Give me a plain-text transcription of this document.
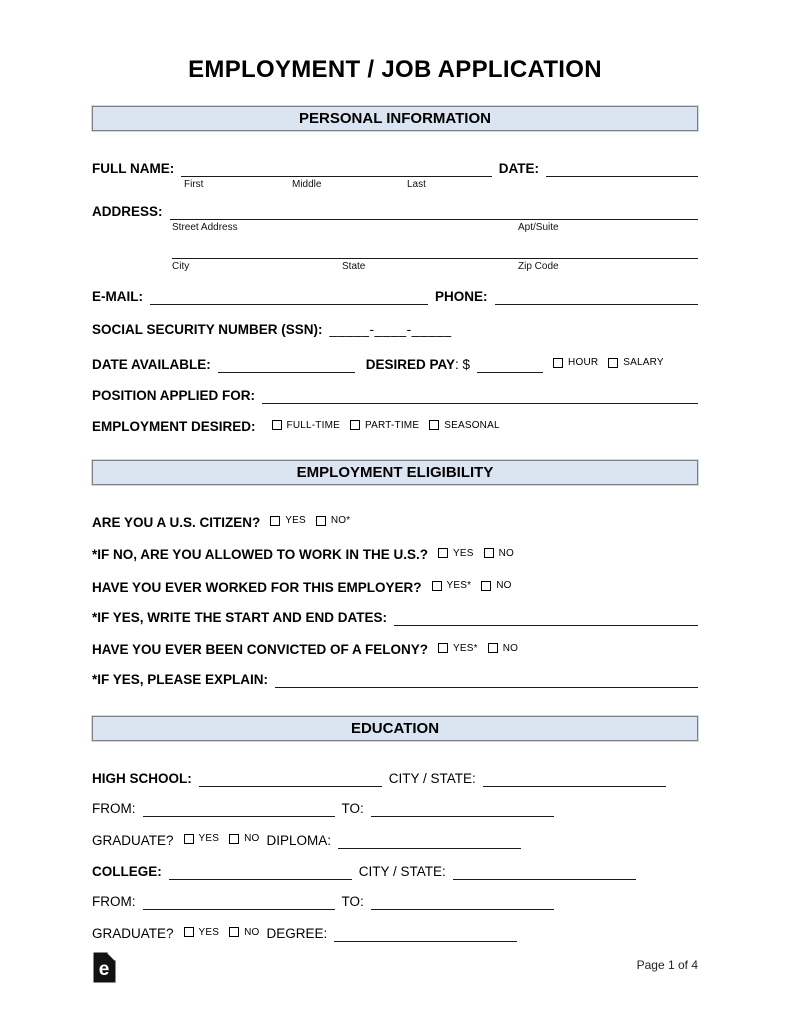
EMPLOYMENT / JOB APPLICATION
PERSONAL INFORMATION
FULL NAME:	DATE:
First	Middle	Last
ADDRESS:
Street Address	Apt/Suite
City	State	Zip Code
E-MAIL:	PHONE:
SOCIAL SECURITY NUMBER (SSN): _____-____-_____
DATE AVAILABLE:	DESIRED PAY : $	HOUR	SALARY
POSITION APPLIED FOR:
EMPLOYMENT DESIRED:	FULL-TIME	PART-TIME	SEASONAL
EMPLOYMENT ELIGIBILITY
ARE YOU A U.S. CITIZEN?	YES	NO*
*IF NO, ARE YOU ALLOWED TO WORK IN THE U.S.?	YES	NO
HAVE YOU EVER WORKED FOR THIS EMPLOYER?	YES*	NO
*IF YES, WRITE THE START AND END DATES:
HAVE YOU EVER BEEN CONVICTED OF A FELONY?	YES*	NO
*IF YES, PLEASE EXPLAIN:
EDUCATION
HIGH SCHOOL:	CITY / STATE:
FROM:	TO:
GRADUATE?	YES	NO DIPLOMA:
COLLEGE:	CITY / STATE:
FROM:	TO:
GRADUATE?	YES	NO DEGREE:
e	Page 1 of 4
